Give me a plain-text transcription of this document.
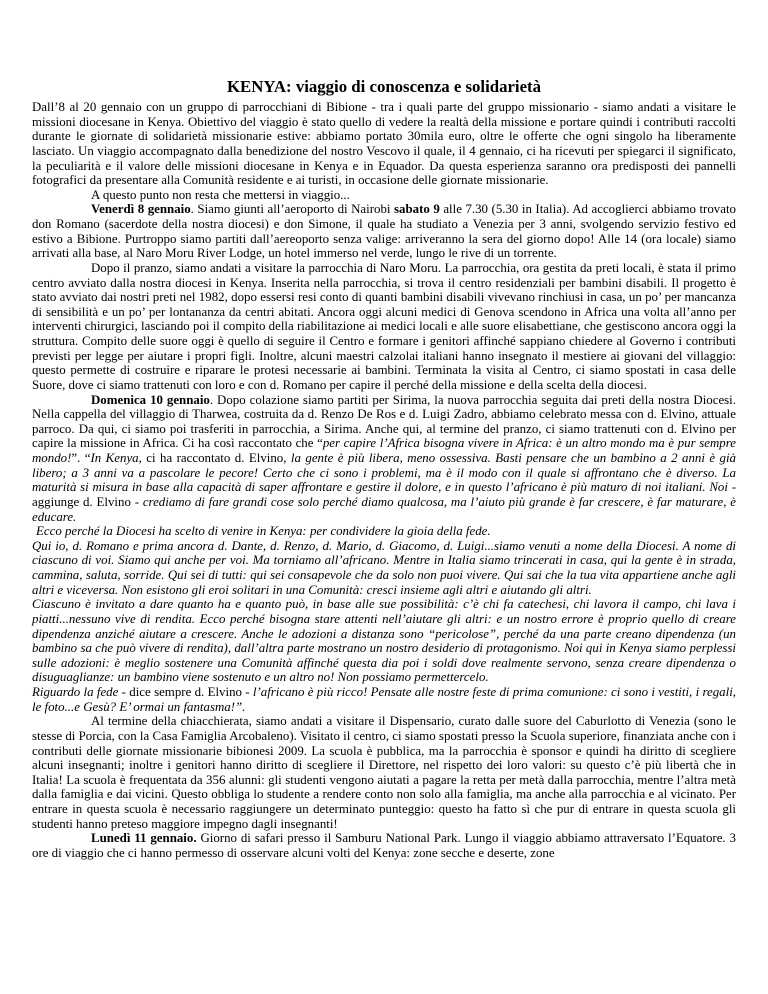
KENYA: viaggio di conoscenza e solidarietà

Dall’8 al 20 gennaio con un gruppo di parrocchiani di Bibione - tra i quali parte del gruppo missionario - siamo andati a visitare le missioni diocesane in Kenya. Obiettivo del viaggio è stato quello di vedere la realtà della missione e portare quindi i contributi raccolti durante le giornate di solidarietà missionarie estive: abbiamo portato 30mila euro, oltre le offerte che ogni singolo ha liberamente lasciato. Un viaggio accompagnato dalla benedizione del nostro Vescovo il quale, il 4 gennaio, ci ha ricevuti per spiegarci il significato, la peculiarità e il valore delle missioni diocesane in Kenya e in Equador. Da questa esperienza saranno ora predisposti dei pannelli fotografici da presentare alla Comunità residente e ai turisti, in occasione delle giornate missionarie.

A questo punto non resta che mettersi in viaggio...

Venerdì 8 gennaio. Siamo giunti all’aeroporto di Nairobi sabato 9 alle 7.30 (5.30 in Italia). Ad accoglierci abbiamo trovato don Romano (sacerdote della nostra diocesi) e don Simone, il quale ha studiato a Venezia per 3 anni, svolgendo servizio festivo ed estivo a Bibione. Purtroppo siamo partiti dall’aereoporto senza valige: arriveranno la sera del giorno dopo! Alle 14 (ora locale) siamo arrivati alla base, al Naro Moru River Lodge, un hotel immerso nel verde, lungo le rive di un torrente.

Dopo il pranzo, siamo andati a visitare la parrocchia di Naro Moru. La parrocchia, ora gestita da preti locali, è stata il primo centro avviato dalla nostra diocesi in Kenya. Inserita nella parrocchia, si trova il centro residenziali per bambini disabili. Il progetto è stato avviato dai nostri preti nel 1982, dopo essersi resi conto di quanti bambini disabili vivevano rinchiusi in casa, un po’ per mancanza di sensibilità e un po’ per lontananza da centri abitati. Ancora oggi alcuni medici di Genova scendono in Africa una volta all’anno per interventi chirurgici, lasciando poi il compito della riabilitazione ai medici locali e alle suore elisabettiane, che gestiscono ancora oggi la struttura. Compito delle suore oggi è quello di seguire il Centro e formare i genitori affinché sappiano chiedere al Governo i contributi previsti per legge per aiutare i propri figli. Inoltre, alcuni maestri calzolai italiani hanno insegnato il mestiere ai giovani del villaggio: questo permette di costruire e riparare le protesi necessarie ai bambini. Terminata la visita al Centro, ci siamo spostati in casa delle Suore, dove ci siamo trattenuti con loro e con d. Romano per capire il perché della missione e della scelta della diocesi.

Domenica 10 gennaio. Dopo colazione siamo partiti per Sirima, la nuova parrocchia seguita dai preti della nostra Diocesi. Nella cappella del villaggio di Tharwea, costruita da d. Renzo De Ros e d. Luigi Zadro, abbiamo celebrato messa con d. Elvino, attuale parroco. Da qui, ci siamo poi trasferiti in parrocchia, a Sirima. Anche qui, al termine del pranzo, ci siamo trattenuti con d. Elvino per capire la missione in Africa. Ci ha così raccontato che “per capire l’Africa bisogna vivere in Africa: è un altro mondo ma è pur sempre mondo!”. “In Kenya, ci ha raccontato d. Elvino, la gente è più libera, meno ossessiva. Basti pensare che un bambino a 2 anni è già libero; a 3 anni va a pascolare le pecore! Certo che ci sono i problemi, ma è il modo con il quale si affrontano che è diverso. La maturità si misura in base alla capacità di saper affrontare e gestire il dolore, e in questo l’africano è più maturo di noi italiani. Noi - aggiunge d. Elvino - crediamo di fare grandi cose solo perché diamo qualcosa, ma l’aiuto più grande è far crescere, è far maturare, è educare.

Ecco perché la Diocesi ha scelto di venire in Kenya: per condividere la gioia della fede.

Qui io, d. Romano e prima ancora d. Dante, d. Renzo, d. Mario, d. Giacomo, d. Luigi...siamo venuti a nome della Diocesi. A nome di ciascuno di voi. Siamo qui anche per voi. Ma torniamo all’africano. Mentre in Italia siamo trincerati in casa, qui la gente è in strada, cammina, saluta, sorride. Qui sei di tutti: qui sei consapevole che da solo non puoi vivere. Qui sai che la tua vita appartiene anche agli altri e viceversa. Non esistono gli eroi solitari in una Comunità: cresci insieme agli altri e aiutando gli altri.

Ciascuno è invitato a dare quanto ha e quanto può, in base alle sue possibilità: c’è chi fa catechesi, chi lavora il campo, chi lava i piatti...nessuno vive di rendita. Ecco perché bisogna stare attenti nell’aiutare gli altri: e un nostro errore è proprio quello di creare dipendenza anziché aiutare a crescere. Anche le adozioni a distanza sono “pericolose”, perché da una parte creano dipendenza (un bambino sa che può vivere di rendita), dall’altra parte mostrano un nostro desiderio di protagonismo. Noi qui in Kenya siamo perplessi sulle adozioni: è meglio sostenere una Comunità affinché questa dia poi i soldi dove realmente servono, senza creare dipendenza o disuguaglianze: un bambino viene sostenuto e un altro no! Non possiamo permettercelo.

Riguardo la fede - dice sempre d. Elvino - l’africano è più ricco! Pensate alle nostre feste di prima comunione: ci sono i vestiti, i regali, le foto...e Gesù? E’ ormai un fantasma!”.

Al termine della chiacchierata, siamo andati a visitare il Dispensario, curato dalle suore del Caburlotto di Venezia (sono le stesse di Porcia, con la Casa Famiglia Arcobaleno). Visitato il centro, ci siamo spostati presso la Scuola superiore, finanziata anche con i contributi delle giornate missionarie bibionesi 2009. La scuola è pubblica, ma la parrocchia è sponsor e quindi ha diritto di scegliere alcuni insegnanti; inoltre i genitori hanno diritto di scegliere il Direttore, nel rispetto dei loro valori: su questo c’è più libertà che in Italia! La scuola è frequentata da 356 alunni: gli studenti vengono aiutati a pagare la retta per metà dalla parrocchia, mentre l’altra metà dalla famiglia e dai vicini. Questo obbliga lo studente a rendere conto non solo alla famiglia, ma anche alla parrocchia e al vicinato. Per entrare in questa scuola è necessario raggiungere un determinato punteggio: questo ha fatto sì che pur di entrare in questa scuola gli studenti hanno preteso maggiore impegno dagli insegnanti!

Lunedì 11 gennaio. Giorno di safari presso il Samburu National Park. Lungo il viaggio abbiamo attraversato l’Equatore. 3 ore di viaggio che ci hanno permesso di osservare alcuni volti del Kenya: zone secche e deserte, zone
